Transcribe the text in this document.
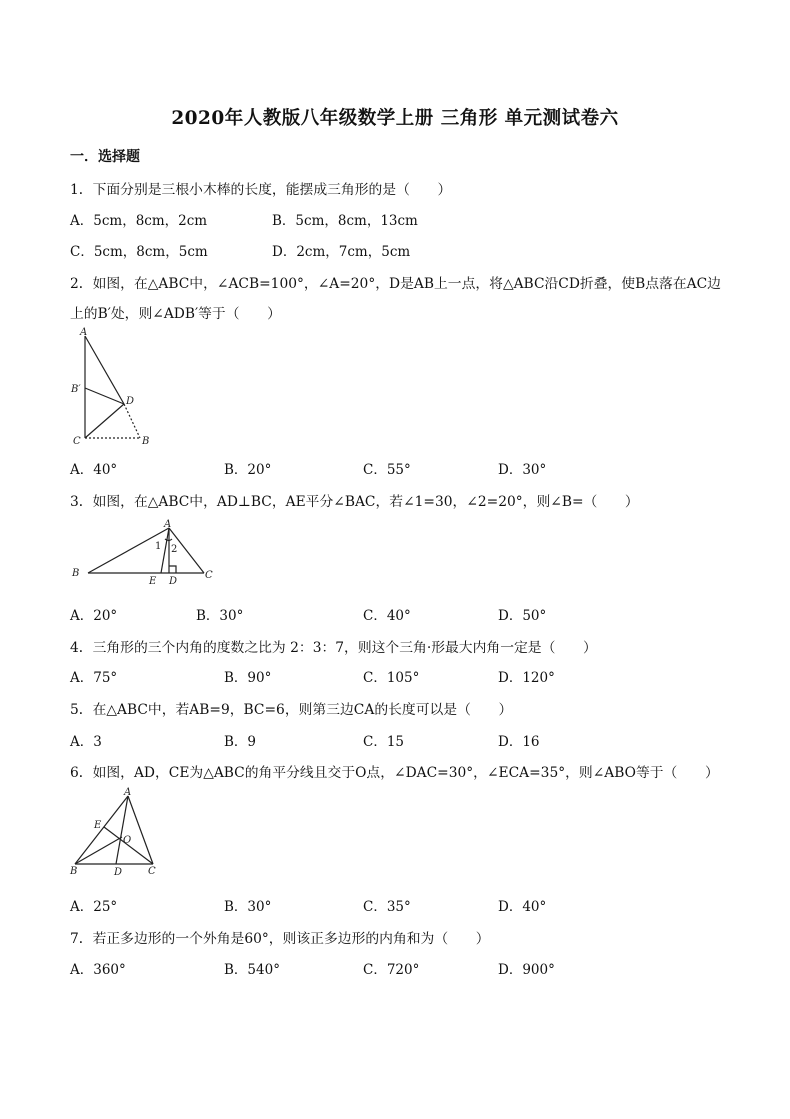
2020年人教版八年级数学上册 三角形 单元测试卷六
一．选择题
1．下面分别是三根小木棒的长度，能摆成三角形的是（　　）
A．5cm，8cm，2cm	B．5cm，8cm，13cm
C．5cm，8cm，5cm	D．2cm，7cm，5cm
2．如图，在△ABC中，∠ACB=100°，∠A=20°，D是AB上一点，将△ABC沿CD折叠，使B点落在AC边
上的B′处，则∠ADB′等于（　　）
A
B′
D
C	B
A．40°	B．20°	C．55°	D．30°
3．如图，在△ABC中，AD⊥BC，AE平分∠BAC，若∠1=30，∠2=20°，则∠B=（　　）
A
1 2
B
E D
C
A．20°	B．30°	C．40°	D．50°
4．三角形的三个内角的度数之比为 2：3：7，则这个三角·形最大内角一定是（　　）
A．75°	B．90°	C．105°	D．120°
5．在△ABC中，若AB=9，BC=6，则第三边CA的长度可以是（　　）
A．3	B．9	C．15	D．16
6．如图，AD，CE为△ABC的角平分线且交于O点，∠DAC=30°，∠ECA=35°，则∠ABO等于（　　）
A
E
O
B	D	C
A．25°	B．30°	C．35°	D．40°
7．若正多边形的一个外角是60°，则该正多边形的内角和为（　　）
A．360°	B．540°	C．720°	D．900°
